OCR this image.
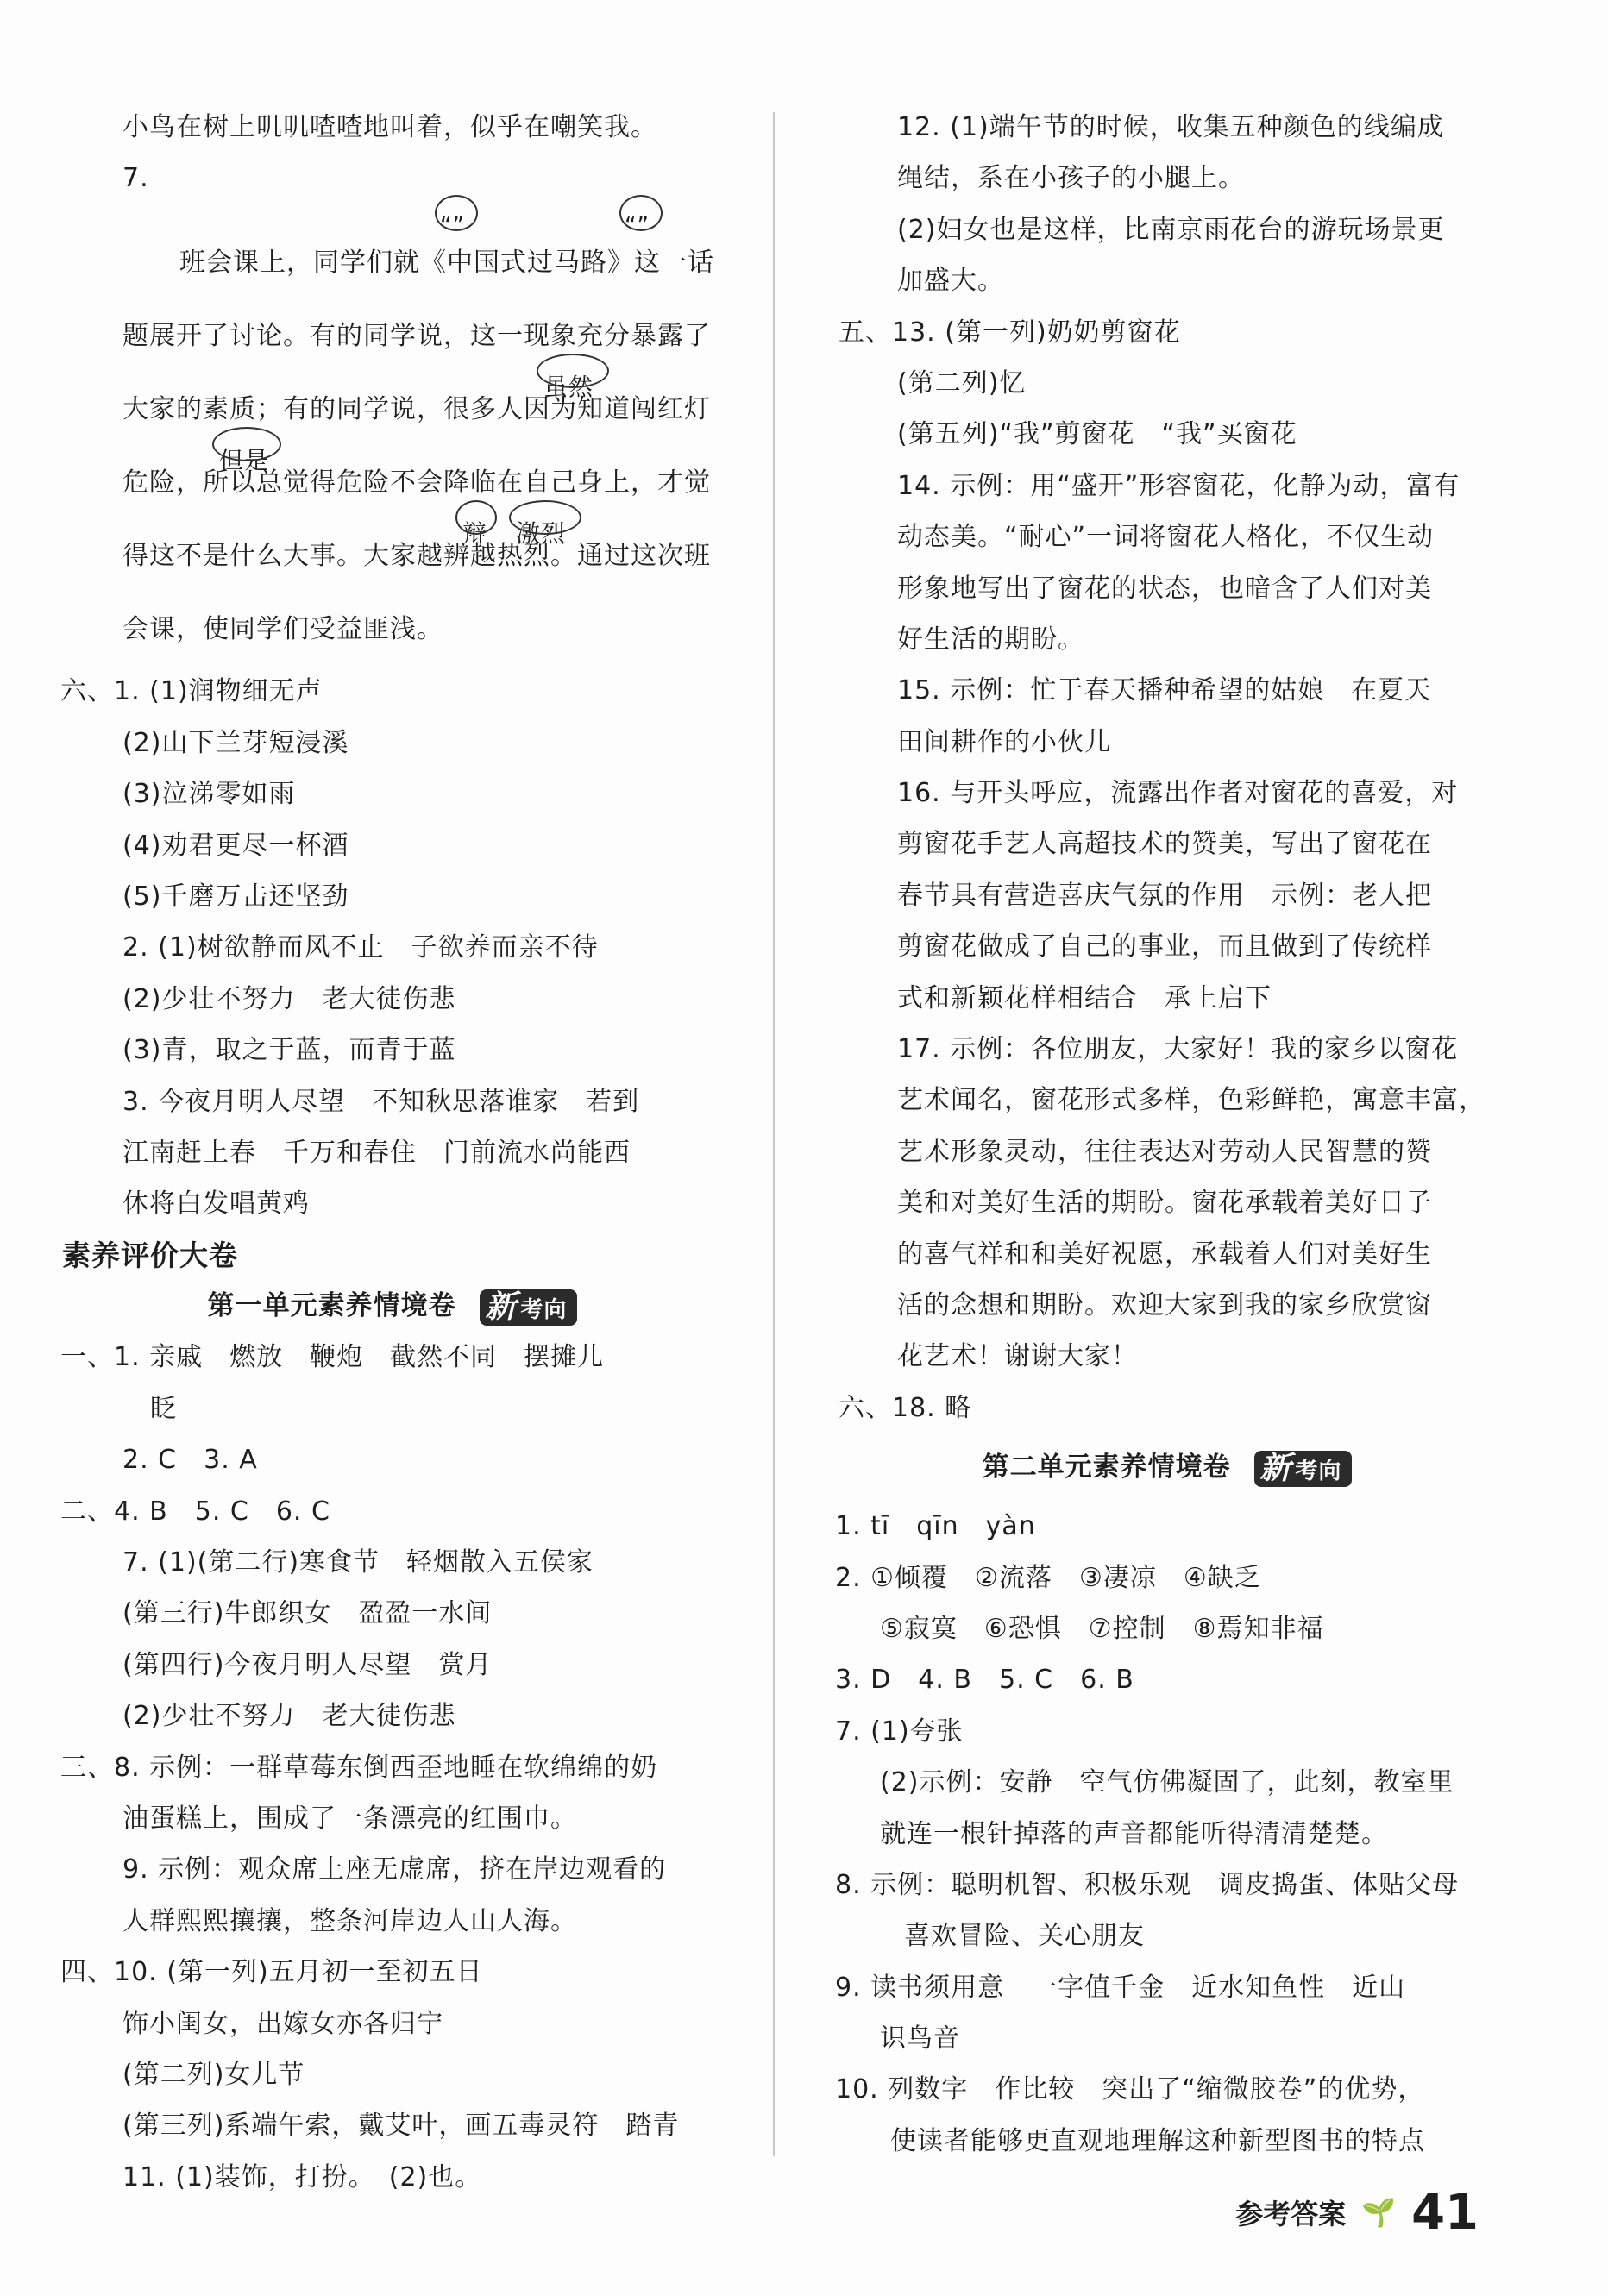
小鸟在树上叽叽喳喳地叫着，似乎在嘲笑我。
7.
班会课上，同学们就《中国式过马路》这一话
“”	“”
题展开了讨论。有的同学说，这一现象充分暴露了
大家的素质；有的同学说，很多人因为知道闯红灯
虽然
危险，所以总觉得危险不会降临在自己身上，才觉
但是
得这不是什么大事。大家越辨越热烈。通过这次班
辩 激烈
会课，使同学们受益匪浅。
六、1. (1)润物细无声
(2)山下兰芽短浸溪
(3)泣涕零如雨
(4)劝君更尽一杯酒
(5)千磨万击还坚劲
2. (1)树欲静而风不止　子欲养而亲不待
(2)少壮不努力　老大徒伤悲
(3)青，取之于蓝，而青于蓝
3. 今夜月明人尽望　不知秋思落谁家　若到
江南赶上春　千万和春住　门前流水尚能西
休将白发唱黄鸡
素养评价大卷
第一单元素养情境卷 新 考向
一、1. 亲戚　燃放　鞭炮　截然不同　摆摊儿
眨
2. C　3. A
二、4. B　5. C　6. C
7. (1)(第二行)寒食节　轻烟散入五侯家
(第三行)牛郎织女　盈盈一水间
(第四行)今夜月明人尽望　赏月
(2)少壮不努力　老大徒伤悲
三、8. 示例：一群草莓东倒西歪地睡在软绵绵的奶
油蛋糕上，围成了一条漂亮的红围巾。
9. 示例：观众席上座无虚席，挤在岸边观看的
人群熙熙攘攘，整条河岸边人山人海。
四、10. (第一列)五月初一至初五日
饰小闺女，出嫁女亦各归宁
(第二列)女儿节
(第三列)系端午索，戴艾叶，画五毒灵符　踏青
11. (1)装饰，打扮。　(2)也。
12. (1)端午节的时候，收集五种颜色的线编成
绳结，系在小孩子的小腿上。
(2)妇女也是这样，比南京雨花台的游玩场景更
加盛大。
五、13. (第一列)奶奶剪窗花
(第二列)忆
(第五列)“我”剪窗花　“我”买窗花
14. 示例：用“盛开”形容窗花，化静为动，富有
动态美。“耐心”一词将窗花人格化，不仅生动
形象地写出了窗花的状态，也暗含了人们对美
好生活的期盼。
15. 示例：忙于春天播种希望的姑娘　在夏天
田间耕作的小伙儿
16. 与开头呼应，流露出作者对窗花的喜爱，对
剪窗花手艺人高超技术的赞美，写出了窗花在
春节具有营造喜庆气氛的作用　示例：老人把
剪窗花做成了自己的事业，而且做到了传统样
式和新颖花样相结合　承上启下
17. 示例：各位朋友，大家好！我的家乡以窗花
艺术闻名，窗花形式多样，色彩鲜艳，寓意丰富，
艺术形象灵动，往往表达对劳动人民智慧的赞
美和对美好生活的期盼。窗花承载着美好日子
的喜气祥和和美好祝愿，承载着人们对美好生
活的念想和期盼。欢迎大家到我的家乡欣赏窗
花艺术！谢谢大家！
六、18. 略
第二单元素养情境卷 新 考向
1. tī　qīn　yàn
2. ①倾覆　②流落　③凄凉　④缺乏
⑤寂寞　⑥恐惧　⑦控制　⑧焉知非福
3. D　4. B　5. C　6. B
7. (1)夸张
(2)示例：安静　空气仿佛凝固了，此刻，教室里
就连一根针掉落的声音都能听得清清楚楚。
8. 示例：聪明机智、积极乐观　调皮捣蛋、体贴父母
喜欢冒险、关心朋友
9. 读书须用意　一字值千金　近水知鱼性　近山
识鸟音
10. 列数字　作比较　突出了“缩微胶卷”的优势，
使读者能够更直观地理解这种新型图书的特点
参考答案 🌱 41
